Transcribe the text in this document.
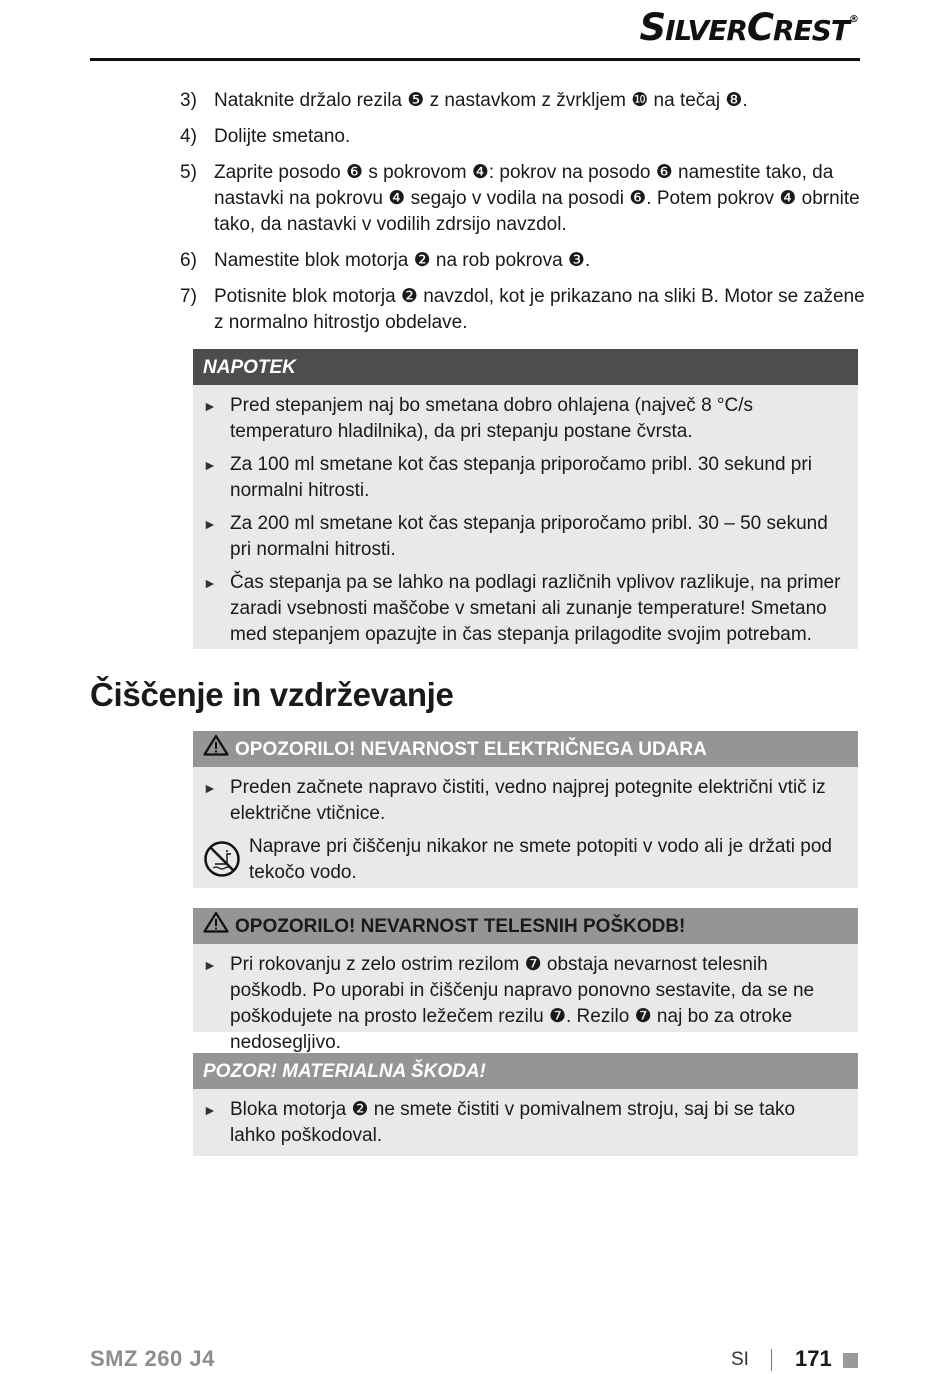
SILVERCREST®
3) Nataknite držalo rezila ❺ z nastavkom z žvrkljem ❿ na tečaj ❽.
4) Dolijte smetano.
5) Zaprite posodo ❻ s pokrovom ❹: pokrov na posodo ❻ namestite tako, da nastavki na pokrovu ❹ segajo v vodila na posodi ❻. Potem pokrov ❹ obrnite tako, da nastavki v vodilih zdrsijo navzdol.
6) Namestite blok motorja ❷ na rob pokrova ❸.
7) Potisnite blok motorja ❷ navzdol, kot je prikazano na sliki B. Motor se zažene z normalno hitrostjo obdelave.
NAPOTEK
► Pred stepanjem naj bo smetana dobro ohlajena (največ 8 °C/s temperaturo hladilnika), da pri stepanju postane čvrsta.
► Za 100 ml smetane kot čas stepanja priporočamo pribl. 30 sekund pri normalni hitrosti.
► Za 200 ml smetane kot čas stepanja priporočamo pribl. 30 – 50 sekund pri normalni hitrosti.
► Čas stepanja pa se lahko na podlagi različnih vplivov razlikuje, na primer zaradi vsebnosti maščobe v smetani ali zunanje temperature! Smetano med stepanjem opazujte in čas stepanja prilagodite svojim potrebam.
Čiščenje in vzdrževanje
OPOZORILO! NEVARNOST ELEKTRIČNEGA UDARA
► Preden začnete napravo čistiti, vedno najprej potegnite električni vtič iz električne vtičnice.
Naprave pri čiščenju nikakor ne smete potopiti v vodo ali je držati pod tekočo vodo.
OPOZORILO! NEVARNOST TELESNIH POŠKODB!
► Pri rokovanju z zelo ostrim rezilom ❼ obstaja nevarnost telesnih poškodb. Po uporabi in čiščenju napravo ponovno sestavite, da se ne poškodujete na prosto ležečem rezilu ❼. Rezilo ❼ naj bo za otroke nedosegljivo.
POZOR! MATERIALNA ŠKODA!
► Bloka motorja ❷ ne smete čistiti v pomivalnem stroju, saj bi se tako lahko poškodoval.
SMZ 260 J4	SI 171
